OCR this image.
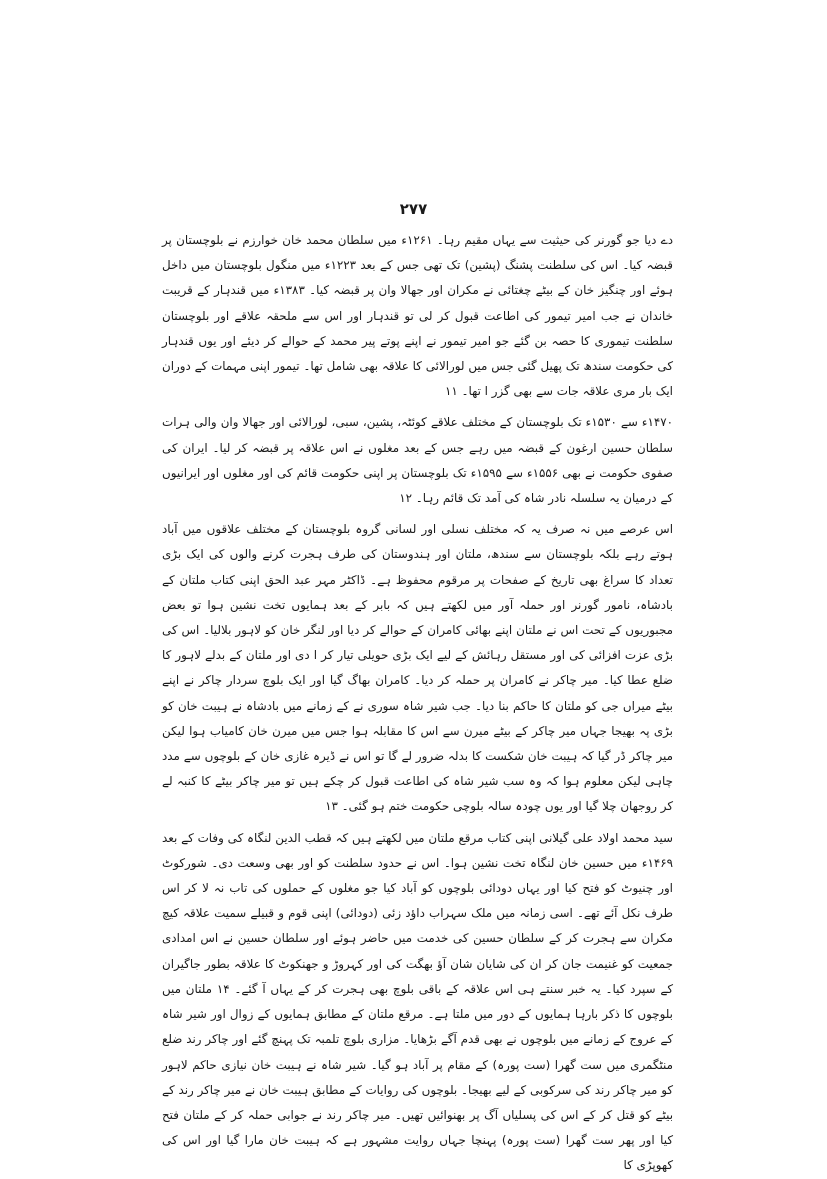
۲۷۷

دے دیا جو گورنر کی حیثیت سے یہاں مقیم رہا۔ ۱۲۶۱ء میں سلطان محمد خان خوارزم نے بلوچستان پر قبضہ کیا۔ اس کی سلطنت پشنگ (پشین) تک تھی جس کے بعد ۱۲۲۳ء میں منگول بلوچستان میں داخل ہوئے اور چنگیز خان کے بیٹے چغتائی نے مکران اور جھالا وان پر قبضہ کیا۔ ۱۳۸۳ء میں قندہار کے قریبت خاندان نے جب امیر تیمور کی اطاعت قبول کر لی تو قندہار اور اس سے ملحقہ علاقے اور بلوچستان سلطنت تیموری کا حصہ بن گئے جو امیر تیمور نے اپنے پوتے پیر محمد کے حوالے کر دیئے اور یوں قندہار کی حکومت سندھ تک پھیل گئی جس میں لورالائی کا علاقہ بھی شامل تھا۔ تیمور اپنی مہمات کے دوران ایک بار مری علاقہ جات سے بھی گزر ا تھا۔ ۱۱

۱۴۷۰ء سے ۱۵۳۰ء تک بلوچستان کے مختلف علاقے کوئٹہ، پشین، سبی، لورالائی اور جھالا وان والی ہرات سلطان حسین ارغون کے قبضہ میں رہے جس کے بعد مغلوں نے اس علاقہ پر قبضہ کر لیا۔ ایران کی صفوی حکومت نے بھی ۱۵۵۶ء سے ۱۵۹۵ء تک بلوچستان پر اپنی حکومت قائم کی اور مغلوں اور ایرانیوں کے درمیان یہ سلسلہ نادر شاہ کی آمد تک قائم رہا۔ ۱۲

اس عرصے میں نہ صرف یہ کہ مختلف نسلی اور لسانی گروہ بلوچستان کے مختلف علاقوں میں آباد ہوتے رہے بلکہ بلوچستان سے سندھ، ملتان اور ہندوستان کی طرف ہجرت کرنے والوں کی ایک بڑی تعداد کا سراغ بھی تاریخ کے صفحات پر مرقوم محفوظ ہے۔ ڈاکٹر مہر عبد الحق اپنی کتاب ملتان کے بادشاہ، نامور گورنر اور حملہ آور میں لکھتے ہیں کہ بابر کے بعد ہمایوں تخت نشین ہوا تو بعض مجبوریوں کے تحت اس نے ملتان اپنے بھائی کامران کے حوالے کر دیا اور لنگر خان کو لاہور بلالیا۔ اس کی بڑی عزت افزائی کی اور مستقل رہائش کے لیے ایک بڑی حویلی تیار کر ا دی اور ملتان کے بدلے لاہور کا ضلع عطا کیا۔ میر چاکر نے کامران پر حملہ کر دیا۔ کامران بھاگ گیا اور ایک بلوچ سردار چاکر نے اپنے بیٹے میراں جی کو ملتان کا حاکم بنا دیا۔ جب شیر شاہ سوری نے کے زمانے میں بادشاہ نے ہیبت خان کو بڑی پہ بھیجا جہاں میر چاکر کے بیٹے میرن سے اس کا مقابلہ ہوا جس میں میرن خان کامیاب ہوا لیکن میر چاکر ڈر گیا کہ ہیبت خان شکست کا بدلہ ضرور لے گا تو اس نے ڈیرہ غازی خان کے بلوچوں سے مدد چاہی لیکن معلوم ہوا کہ وہ سب شیر شاہ کی اطاعت قبول کر چکے ہیں تو میر چاکر بیٹے کا کنبہ لے کر روجھان چلا گیا اور یوں چودہ سالہ بلوچی حکومت ختم ہو گئی۔ ۱۳

سید محمد اولاد علی گیلانی اپنی کتاب مرقع ملتان میں لکھتے ہیں کہ قطب الدین لنگاہ کی وفات کے بعد ۱۴۶۹ء میں حسین خان لنگاہ تخت نشین ہوا۔ اس نے حدود سلطنت کو اور بھی وسعت دی۔ شورکوٹ اور چنیوٹ کو فتح کیا اور یہاں دودائی بلوچوں کو آباد کیا جو مغلوں کے حملوں کی تاب نہ لا کر اس طرف نکل آئے تھے۔ اسی زمانہ میں ملک سہراب داؤد زئی (دودائی) اپنی قوم و قبیلے سمیت علاقہ کیچ مکران سے ہجرت کر کے سلطان حسین کی خدمت میں حاضر ہوئے اور سلطان حسین نے اس امدادی جمعیت کو غنیمت جان کر ان کی شایان شان آؤ بھگت کی اور کہروڑ و جھنکوٹ کا علاقہ بطور جاگیران کے سپرد کیا۔ یہ خبر سنتے ہی اس علاقہ کے باقی بلوچ بھی ہجرت کر کے یہاں آ گئے۔ ۱۴ ملتان میں بلوچوں کا ذکر بارہا ہمایوں کے دور میں ملتا ہے۔ مرقع ملتان کے مطابق ہمایوں کے زوال اور شیر شاہ کے عروج کے زمانے میں بلوچوں نے بھی قدم آگے بڑھایا۔ مزاری بلوچ تلمبہ تک پہنچ گئے اور چاکر رند ضلع منٹگمری میں ست گھرا (ست پورہ) کے مقام پر آباد ہو گیا۔ شیر شاہ نے ہیبت خان نیازی حاکم لاہور کو میر چاکر رند کی سرکوبی کے لیے بھیجا۔ بلوچوں کی روایات کے مطابق ہیبت خان نے میر چاکر رند کے بیٹے کو قتل کر کے اس کی پسلیاں آگ پر بھنوائیں تھیں۔ میر چاکر رند نے جوابی حملہ کر کے ملتان فتح کیا اور پھر ست گھرا (ست پورہ) پہنچا جہاں روایت مشہور ہے کہ ہیبت خان مارا گیا اور اس کی کھوپڑی کا
